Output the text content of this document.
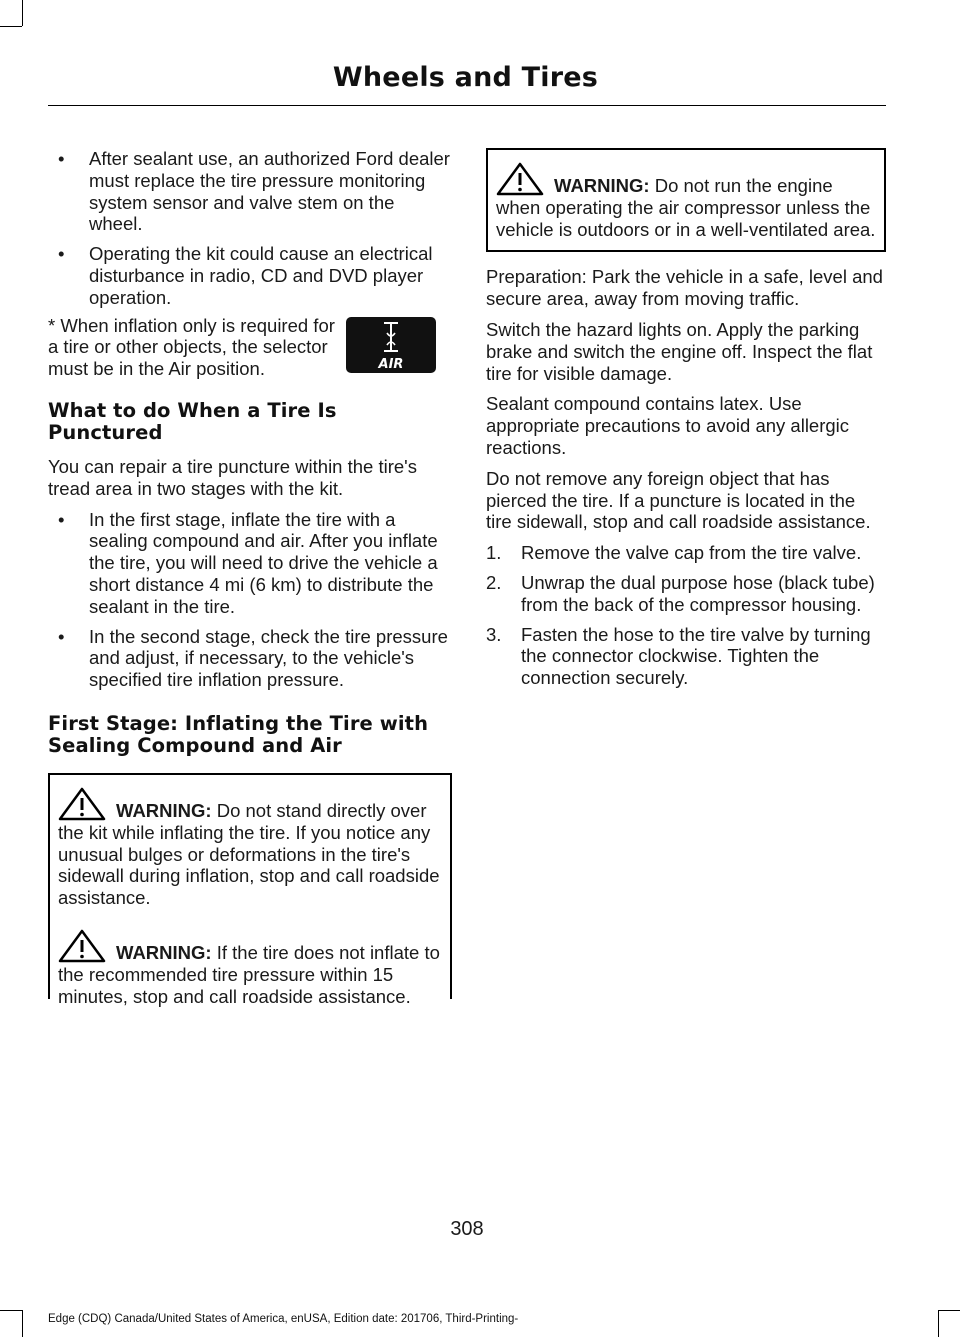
Wheels and Tires
• After sealant use, an authorized Ford dealer must replace the tire pressure monitoring system sensor and valve stem on the wheel.
• Operating the kit could cause an electrical disturbance in radio, CD and DVD player operation.
AIR

* When inflation only is required for a tire or other objects, the selector must be in the Air position.

What to do When a Tire Is Punctured

You can repair a tire puncture within the tire's tread area in two stages with the kit.

• In the first stage, inflate the tire with a sealing compound and air. After you inflate the tire, you will need to drive the vehicle a short distance 4 mi (6 km) to distribute the sealant in the tire.
• In the second stage, check the tire pressure and adjust, if necessary, to the vehicle's specified tire inflation pressure.
First Stage: Inflating the Tire with Sealing Compound and Air
WARNING: Do not stand directly over the kit while inflating the tire. If you notice any unusual bulges or deformations in the tire's sidewall during inflation, stop and call roadside assistance.
WARNING: If the tire does not inflate to the recommended tire pressure within 15 minutes, stop and call roadside assistance.
WARNING: Do not run the engine when operating the air compressor unless the vehicle is outdoors or in a well-ventilated area.

Preparation: Park the vehicle in a safe, level and secure area, away from moving traffic.

Switch the hazard lights on. Apply the parking brake and switch the engine off. Inspect the flat tire for visible damage.

Sealant compound contains latex. Use appropriate precautions to avoid any allergic reactions.

Do not remove any foreign object that has pierced the tire. If a puncture is located in the tire sidewall, stop and call roadside assistance.

1. Remove the valve cap from the tire valve.
2. Unwrap the dual purpose hose (black tube) from the back of the compressor housing.
3. Fasten the hose to the tire valve by turning the connector clockwise. Tighten the connection securely.
308
Edge (CDQ) Canada/United States of America, enUSA, Edition date: 201706, Third-Printing-
